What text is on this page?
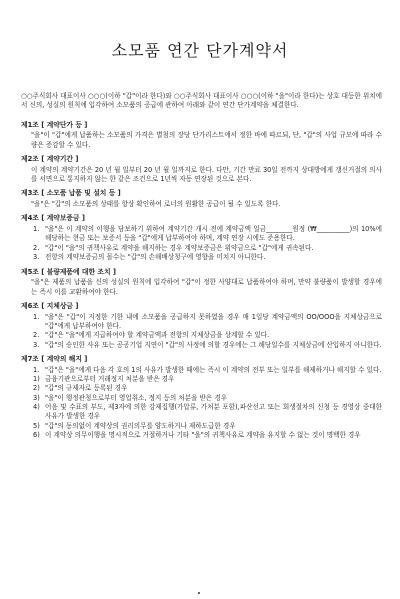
소모품 연간 단가계약서

○○주식회사 대표이사 ○○○(이하 "갑"이라 한다)와 ○○주식회사 대표이사 ○○○(이하 "을"이라 한다)는 상호 대등한 위치에서 신의, 성실의 원칙에 입각하여 소모품의 공급에 관하여 아래와 같이 연간 단가계약을 체결한다.

제1조 [ 계약단가 등 ]
"을"이 "갑"에게 납품하는 소모품의 가격은 별첨의 장당 단가리스트에서 정한 바에 따르되, 단, "갑"의 사업 규모에 따라 수량은 증감할 수 있다.
제2조 [ 계약기간 ]
이 계약의 계약기간은 20 년 월 일부터 20 년 월 일까지로 한다. 다만, 기간 만료 30일 전까지 상대방에게 갱신거절의 의사를 서면으로 통지하지 않는 한 같은 조건으로 1년씩 자동 연장된 것으로 본다.
제3조 [ 소모품 납품 및 설치 등 ]
"을"은 "갑"의 소모품의 상태를 항상 확인하여 로너의 원활한 공급이 될 수 있도록 한다.
제4조 [ 계약보증금 ]
1. "을"은 이 계약의 이행을 담보하기 위하여 계약기간 개시 전에 계약금액 일금________원정 (₩__________)의 10%에 해당하는 현금 또는 보증서 등을 "갑"에게 납부하여야 하며, 계약 연장 시에도 준용한다.
2. "갑"이 "을"의 귀책사유로 계약을 해지하는 경우 계약보증금은 위약금으로 "갑"에게 귀속된다.
3. 전항의 계약보증금의 몰수는 "갑"의 손해배상청구에 영향을 미치지 아니한다.
제5조 [ 불량제품에 대한 조치 ]
"을"은 제품의 납품을 신의 성실의 원칙에 입각하여 "갑"이 정한 사양대로 납품하여야 하며, 만약 불량품이 발생할 경우에는 즉시 이를 교환하여야 한다.
제6조 [ 지체상금 ]
1. "을"은 "갑"이 지정한 기한 내에 소모품을 공급하지 못하였을 경우 매 1일당 계약금액의 OO/OOO을 지체상금으로 "갑"에게 납부하여야 한다.
2. "갑"은 "을"에게 지급하여야 할 계약금액과 전항의 지체상금을 상계할 수 있다.
3. "갑"의 승인한 사유 또는 공공기업 지연이 "갑"의 사정에 의할 경우에는 그 해당일수를 지체상금에 산입하지 아니한다.
제7조 [ 계약의 해지 ]
1. "갑"은 "을"에게 다음 각 호의 1의 사유가 발생한 때에는 즉시 이 계약의 전부 또는 일부를 해제하거나 해지할 수 있다.
1) 금융기관으로부터 거래정지 처분을 받은 경우
2) "갑"의 규제자로 등록된 경우
3) "을"이 행정관청으로부터 영업취소, 정지 등의 처분을 받은 경우
4) 어음 및 수표의 부도, 제3자에 의한 강제집행(가압류, 가처분 포함),파산선고 또는 회생절차의 신청 등 경영상 중대한 사유가 발생한 경우
5) "갑"의 동의없이 계약상의 권리의무를 양도하거나 재하도급한 경우
6) 이 계약상 의무이행을 명시적으로 거절하거나 기타 "을"의 귀책사유로 계약을 유지할 수 없는 것이 명백한 경우
